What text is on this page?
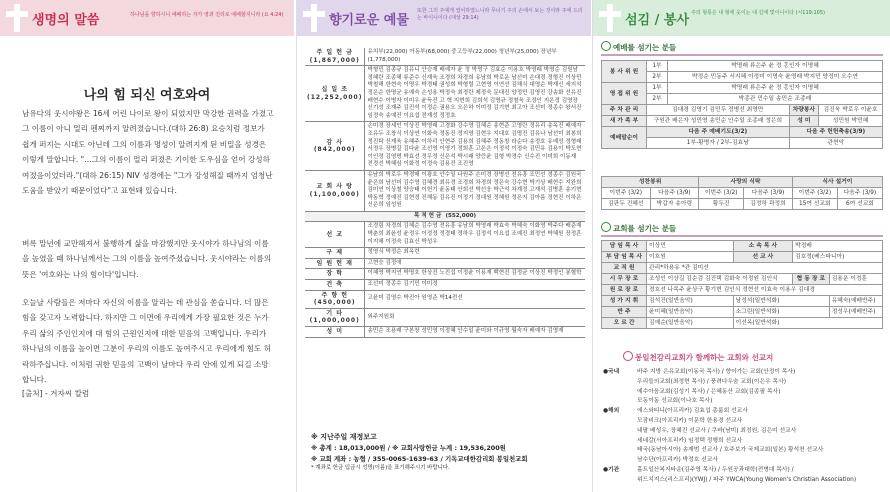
생명의 말씀	하나님을 향하시니 예배하는 자가 영과 진리로 예배할지니라 (요 4:24)
나의 힘 되신 여호와여
남유다의 웃시야왕은 16세 어린 나이로 왕이 되었지만 막강한 권력을 가졌고 그 이름이 아니 멀리 펜찌까지 알려졌습니다.(대하 26:8) 요승치럼 정보가 쉽게 퍼지는 시대도 아닌데 그의 이름과 명성이 알려지게 된 비밀을 성경은 이렇게 말합니다. "…그의 이름이 멀리 퍼졌은 기이한 도우심을 얻어 강성하여졌음이었더라."(대하 26:15) NIV 성경에는 "그가 강성해질 때까지 엄청난 도움을 받았기 때문이었다"고 표현돼 있습니다.
벼록 말년에 교만해져서 불행하게 삶을 마감했지만 웃시야가 하나님의 이름을 높였을 때 하나님께서는 그의 이름을 높여주셨습니다. 웃시야라는 이름의 뜻은 '여호와는 나의 힘이다'입니다.
오늘날 사람들은 저마다 자신의 이름을 알리는 데 관심을 쏟습니다. 더 많은 힘을 갖고자 노력합니다. 하지만 그 이면에 우리에게 가장 필요한 것은 누가 우리 삶의 주인인지에 대 힘의 근원인지에 대한 믿음의 고백입니다. 우리가 하나님의 이름을 높이면 그분이 우리의 이름도 높여주시고 우리에게 힘도 허락하주십니다. 이처럼 귀한 믿음의 고백이 날마다 우리 안에 있게 되길 소망합니다.
[출처] - 겨자씨 칼럼
향기로운 예물
또한 그의 주에게 열어하였느니라 무너기 주의 손에서 보는 것이라 주에 드리는 바이니이다 (대상 29:14)
주 일 헌 금 (1,867,000)	유치부(22,000) 아동부(68,000) 중고등부(22,000) 청년부(25,000) 장년부(1,778,000)
십 일 조 (12,252,000)	박형민 김종규 김유니 안승재 배예자 윤 정 박명구 김효순 이용호 박영래 박영순 김원남 정혜란 조종혜 류준수 신재욱 조경희 차경희 유남희 박로운 남선미 손대경 정형진 이상민 박철해 한현숙 이명우 박경태 권성희 박형렬 고현영 이연선 김해식 대영순 박재신 세지석 정은순 한명균 유예숙 손성용 박정숙 최경란 제정숙 문대진 양정민 김영진 강송화 선유진 배현수 이병자 이미우 윤득진 고 혁 지현희 김희석 김명규 정철욱 조정인 지은정 김영장 신기성 조재주 김진석 이정순 권용오 오은하 이미정 김기현 최고아 조선미 정종수 왕서진 임정숙 송예진 이요섭 전재성 정정호
감 사 (842,000)	손미경 장세인 이상진 박영래 고경화 강수영 김혜순 송현준 고영란 정유리 송옥진 배예자 조유두 조창식 이상연 이화숙 정동진 정지영 김현우 지대호 김명진 김유나 남선미 최봉희 정진탁 신재욱 유혜주 이하리 안현주 김용희 김혜주 정동창 라순다 송정호 유예성 정형래 서정우 장병길 김다윤 조선영 이영기 정희훈 고은은 이정석 이정숙 김민유 김용이 박도현 이인정 김영명 박효선 정우정 신은석 박시래 양증윤 김형 박경수 신수진 이미희 이동재 전경선 박혜심 이화정 이정숙 김용진 조진영
교 회 사 랑 (1,100,000)	유남희 박로우 박경매 이광호 안수일 나원주 손미경 장병선 전유흥 조민선 정종수 김원국 윤은희 남선미 김수영 김혜경 최유경 조경희 차경희 정은숙 강수현 박기상 배현수 지완희 김미연 이상철 양승태 이헌기 윤동태 안희선 박선웅 박근석 차계정 고재석 김병훈 송기현 박동혁 정예진 김현정 진해동 김유진 이정기 정대원 정혜원 정은지 김아름 정현진 이하은 신은희 임성원
목 적 헌 금 (552,000)	
선 교	조경림 차경희 김혜순 김수영 전유흥 유남희 박영래 박효숙 박혜숙 이화영 박주다 배준재 박춘희 최윤성 윤정우 이정정 정경태 정하우 김정석 이요섭 조예진 최정연 박혜원 장정흔 이지혜 이정숙 김효신 박성우
구 제	정영식 박정순 최옥련
임 원 헌 재	고현승 김정애
장 학	이혜영 박지연 박명호 한상진 노진섭 이정윤 이용재 백현진 김정균 이상진 박정인 봉혈학
건 축	조선미 정종수 김기민 이미정
주 향 헌 (450,000)	고윤미 김영수 박진아 원영준 박14전선
기 타 (1,000,000)	외주지원회
성 미	송민순 조용래 구본창 성민영 이정혜 안수일 윤미와 이규영 월숙자 배예자 김영재
※ 지난주일 재정보고
※ 총계 : 18,013,000원 / ※ 교회사랑헌금 누계 : 19,536,200원
※ 교회 계좌 : 농협 / 355-0065-1639-63 / 기독교대한감리회 봉일천교회
* 계좌로 헌금 입금시 성명(이름)을 표기해주시기 바랍니다.
섬김 / 봉사 주의 형통은 내 형에 웃이는 내 길에 빛이니이다 (시119:105)
예배를 섬기는 분들
봉 사 위 원	1부	박명래 류은주 윤 정 홍인자 이명혜		
	2부	박정순 민동주 서지혜 이정미 이명숙 윤영래 박지민 양정미 오수연		
영 접 위 원	1부	박명래 류은주 윤 정 홍인자 이명혜		
	2부	박종관 민수일 송민순 조종래		
주 차 관 리	김대경 김영기 김민두 정병선 최영만		차량봉사	김진욱 박로우 이윤호
새 가 족 부	구원관 배은자 성민영 송민순 안수일 조종래 정은희		성 미	성민원 박민혜
예배말순이	다음 주 예배기도(3/2)		다음 주 헌헌축송(3/9)	
	1부-황병자 / 2부-김효남		관현악	
성찬봉위		사랑의 식탁		식사 설거이	
이번주 (3/2)	다음주 (3/9)	이번주 (3/2)	다음주 (3/9)	이번주 (3/2)	다음주 (3/9)
김판두 진혜선	박갑자 송아령	황두진	김정하 곽정희	15여 선교회	6여 선교회
교회를 섬기는 분들
담 임 목 사	이상민	소 속 목 사	박정배	
부 담 임 목 사	이호원	선 교 사	김호정(베스파니아)	
교 직 원	관리*하용유 *관 김미선			
시 무 장 로	조성인 이상길 김순검 김진택 김화숙 이정원 김인식		협 동 장 로	김용운 이정훈
원 로 장 로	정호선 나목주 윤상구 황기현 김인식 정현선 이효숙 이용우 김대경			
성 가 지 휘	김석진(일반음악)	남성석(일반석화)		유혜숙(예배반주)
반 주	윤미혜(일반음악)	소그린(일반석화)		정성우(예배반주)
오 르 간	김예순(일반음악)	이선옥(일반석화)		
봉일천감리교회가 함께하는 교회와 선교지
●국내	바주 지방 은유교회(이동국 목사) / 향이가는 교회(안정이 목사)
우리들의교회(최정현 목사) / 풍려다우숨 교회(이은우 목사)
예수아음교회(김성기 목사) / 은혜동산 교회(김종필 목사)
모동이동 선교회(이나호 목사)
●해외	에스와티니(아프리카) 김효섭 총룸회 선교사
모잠비크(아프리카) 이문학 한용경 선교사
네팔 배성우, 장혜진 선교사 / 쿠바(남미) 최정원, 김은미 선교사
세네갈(서아프리카) 임정택 정행희 선교사
태국(동남아시아) 송재범 선교사 / 호주보가 국제교회(일본) 황석천 선교사
남수단(아프리카) 박정호 선교사
●기관	홀트일산복지타운(김주영 목사) / 두원공과대학(전병대 목사) /
위드치지스(리스프리)(YWJ) / 파주 YWCA(Young Women's Christian Association)
